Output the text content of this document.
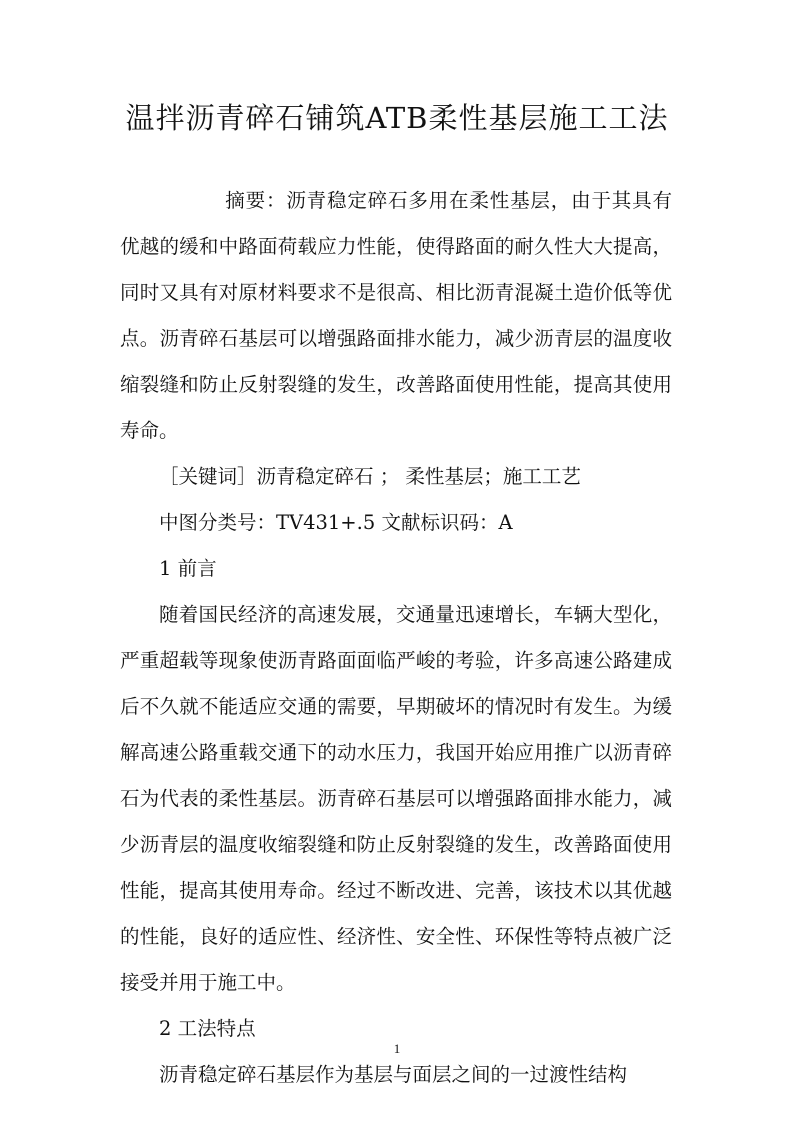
温拌沥青碎石铺筑ATB柔性基层施工工法

摘要：沥青稳定碎石多用在柔性基层，由于其具有优越的缓和中路面荷载应力性能，使得路面的耐久性大大提高，同时又具有对原材料要求不是很高、相比沥青混凝土造价低等优点。沥青碎石基层可以增强路面排水能力，减少沥青层的温度收缩裂缝和防止反射裂缝的发生，改善路面使用性能，提高其使用寿命。

［关键词］沥青稳定碎石 ； 柔性基层；施工工艺

中图分类号：TV431+.5 文献标识码：A

1 前言

随着国民经济的高速发展，交通量迅速增长，车辆大型化，严重超载等现象使沥青路面面临严峻的考验，许多高速公路建成后不久就不能适应交通的需要，早期破坏的情况时有发生。为缓解高速公路重载交通下的动水压力，我国开始应用推广以沥青碎石为代表的柔性基层。沥青碎石基层可以增强路面排水能力，减少沥青层的温度收缩裂缝和防止反射裂缝的发生，改善路面使用性能，提高其使用寿命。经过不断改进、完善，该技术以其优越的性能，良好的适应性、经济性、安全性、环保性等特点被广泛接受并用于施工中。

2 工法特点

沥青稳定碎石基层作为基层与面层之间的一过渡性结构

1
